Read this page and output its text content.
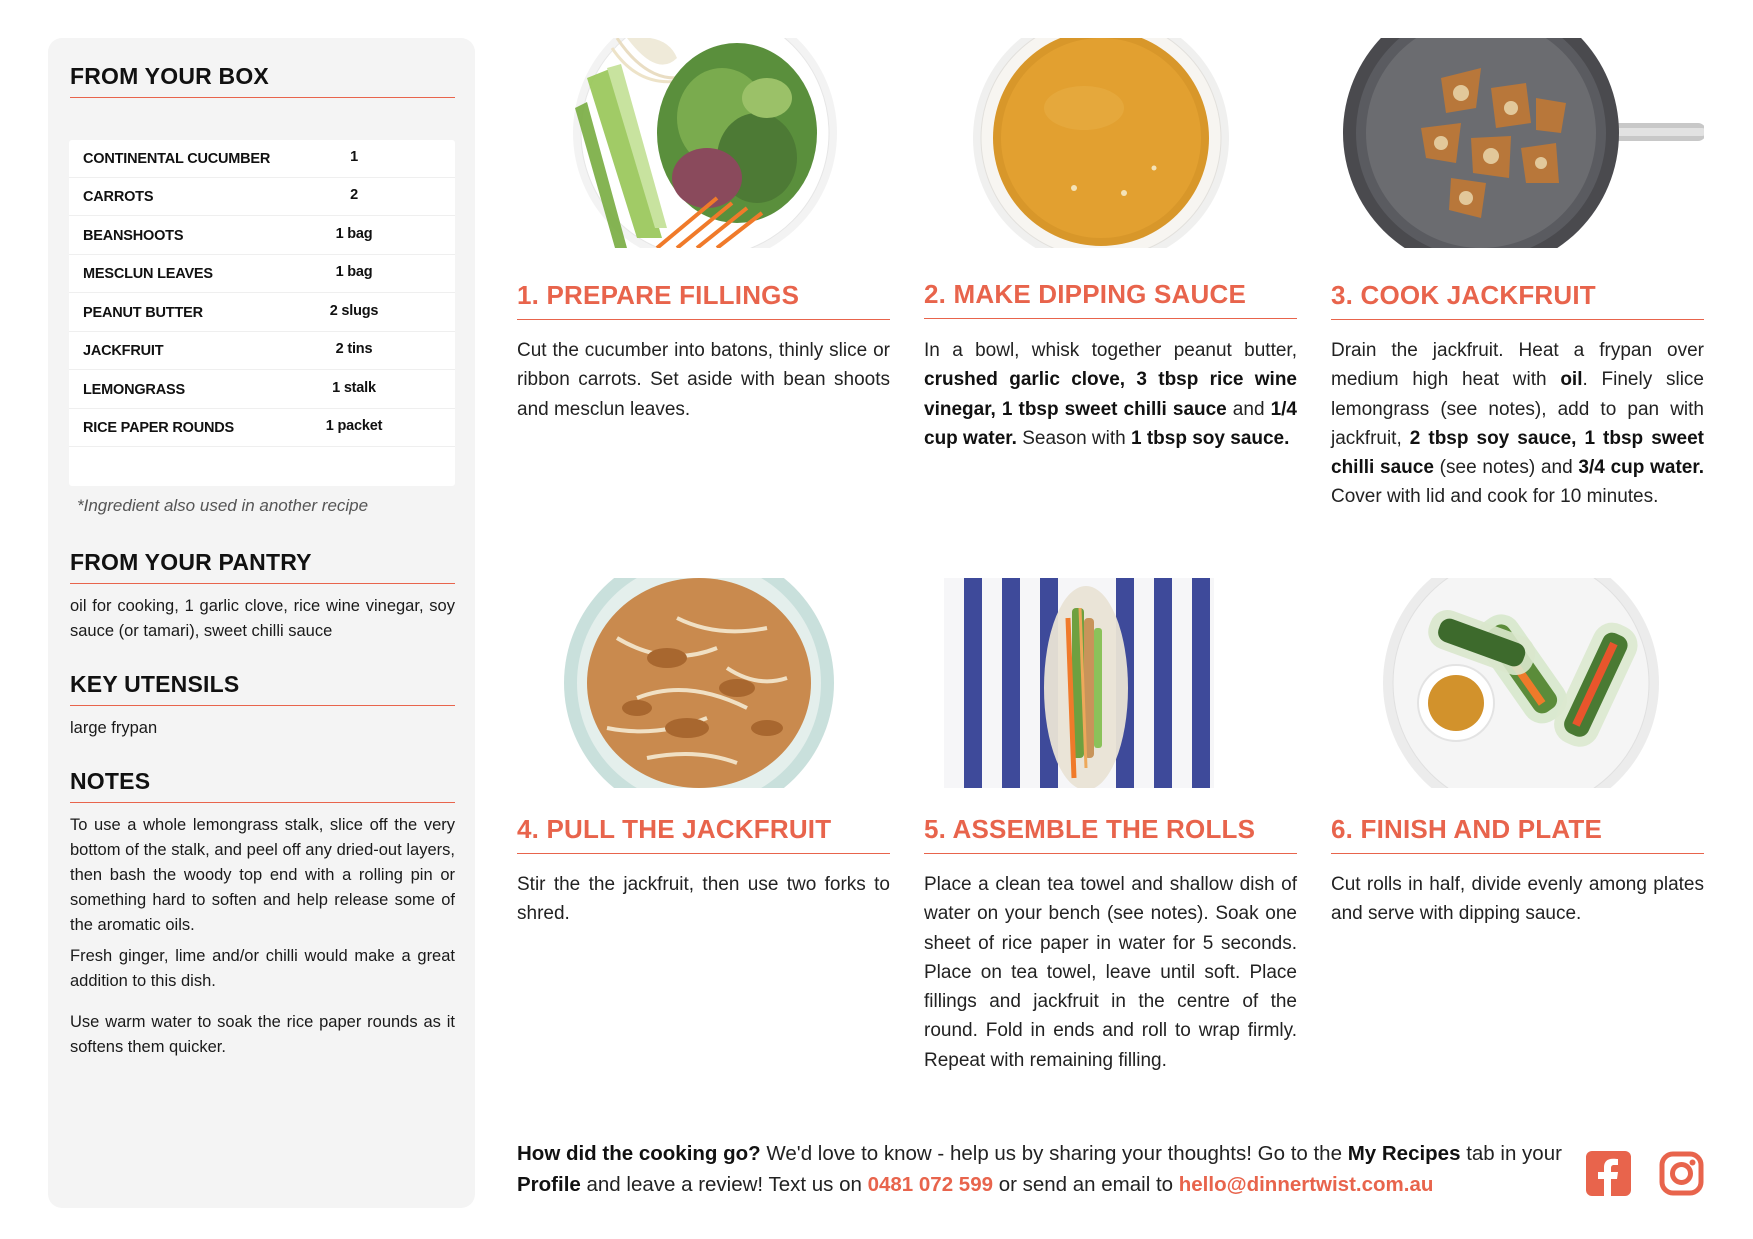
FROM YOUR BOX
CONTINENTAL CUCUMBER	1
CARROTS	2
BEANSHOOTS	1 bag
MESCLUN LEAVES	1 bag
PEANUT BUTTER	2 slugs
JACKFRUIT	2 tins
LEMONGRASS	1 stalk
RICE PAPER ROUNDS	1 packet
*Ingredient also used in another recipe
FROM YOUR PANTRY
oil for cooking, 1 garlic clove, rice wine vinegar, soy sauce (or tamari), sweet chilli sauce
KEY UTENSILS
large frypan
NOTES
To use a whole lemongrass stalk, slice off the very bottom of the stalk, and peel off any dried-out layers, then bash the woody top end with a rolling pin or something hard to soften and help release some of the aromatic oils.
Fresh ginger, lime and/or chilli would make a great addition to this dish.
Use warm water to soak the rice paper rounds as it softens them quicker.
1. PREPARE FILLINGS
Cut the cucumber into batons, thinly slice or ribbon carrots. Set aside with bean shoots and mesclun leaves.
2. MAKE DIPPING SAUCE
In a bowl, whisk together peanut butter, crushed garlic clove, 3 tbsp rice wine vinegar, 1 tbsp sweet chilli sauce and 1/4 cup water. Season with 1 tbsp soy sauce.
3. COOK JACKFRUIT
Drain the jackfruit. Heat a frypan over medium high heat with oil. Finely slice lemongrass (see notes), add to pan with jackfruit, 2 tbsp soy sauce, 1 tbsp sweet chilli sauce (see notes) and 3/4 cup water. Cover with lid and cook for 10 minutes.
4. PULL THE JACKFRUIT
Stir the the jackfruit, then use two forks to shred.
5. ASSEMBLE THE ROLLS
Place a clean tea towel and shallow dish of water on your bench (see notes). Soak one sheet of rice paper in water for 5 seconds. Place on tea towel, leave until soft. Place fillings and jackfruit in the centre of the round. Fold in ends and roll to wrap firmly. Repeat with remaining filling.
6. FINISH AND PLATE
Cut rolls in half, divide evenly among plates and serve with dipping sauce.
How did the cooking go? We'd love to know - help us by sharing your thoughts! Go to the My Recipes tab in your Profile and leave a review! Text us on 0481 072 599 or send an email to hello@dinnertwist.com.au
